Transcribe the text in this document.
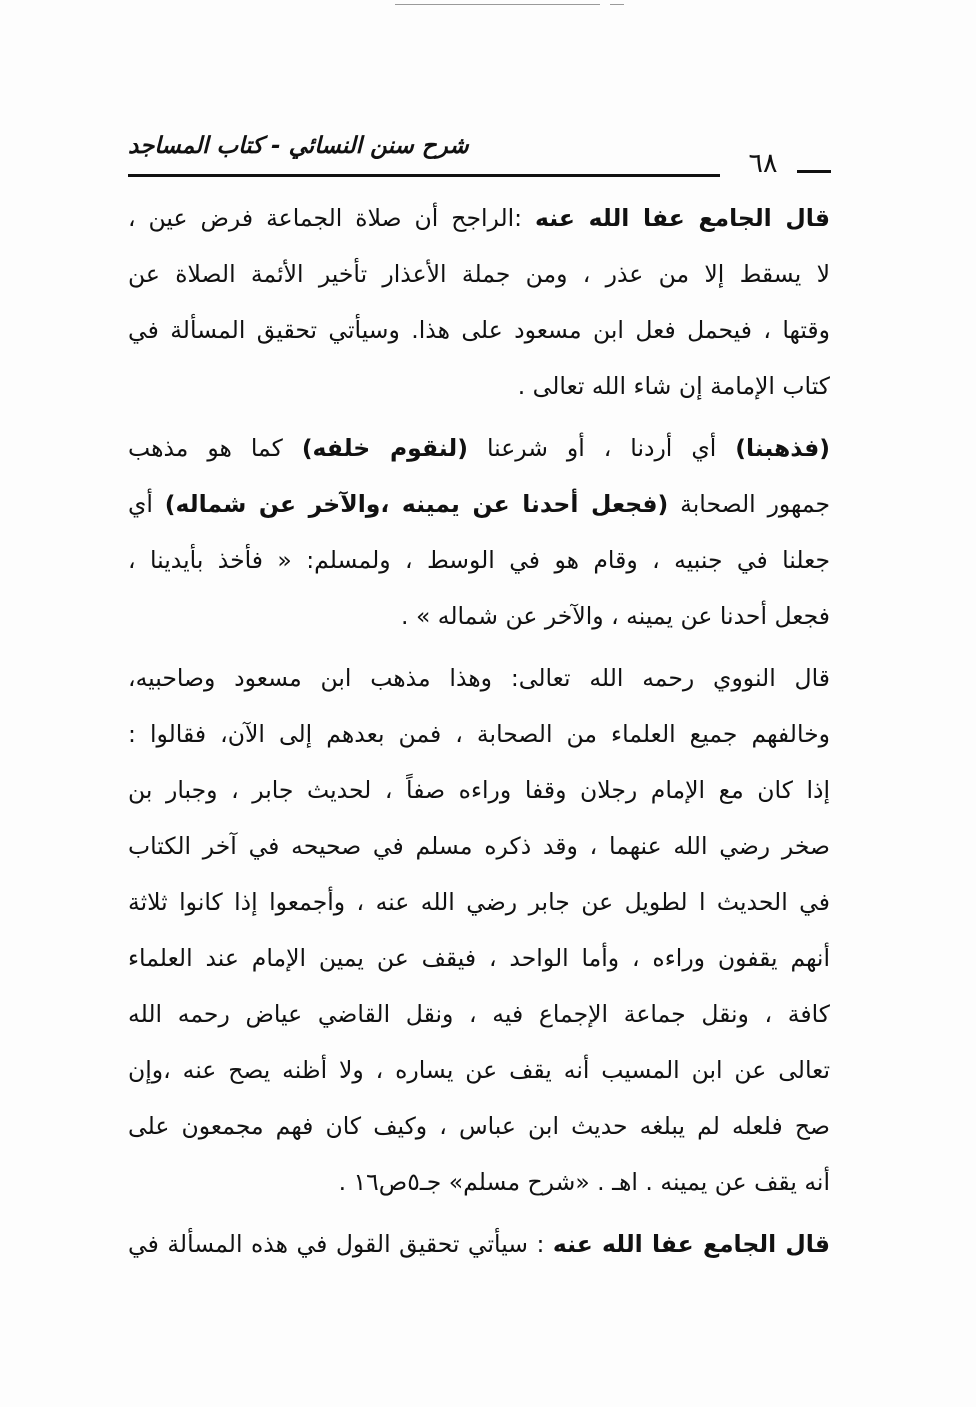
شرح سنن النسائي - كتاب المساجد
٦٨
قال الجامع عفا الله عنه :الراجح أن صلاة الجماعة فرض عين ،
لا يسقط إلا من عذر ، ومن جملة الأعذار تأخير الأئمة الصلاة عن
وقتها ، فيحمل فعل ابن مسعود على هذا. وسيأتي تحقيق المسألة في
كتاب الإمامة إن شاء الله تعالى .
(فذهبنا) أي أردنا ، أو شرعنا (لنقوم خلفه) كما هو مذهب
جمهور الصحابة (فجعل أحدنا عن يمينه ،والآخر عن شماله) أي
جعلنا في جنبيه ، وقام هو في الوسط ، ولمسلم: « فأخذ بأيدينا ،
فجعل أحدنا عن يمينه ، والآخر عن شماله » .
قال النووي رحمه الله تعالى: وهذا مذهب ابن مسعود وصاحبيه،
وخالفهم جميع العلماء من الصحابة ، فمن بعدهم إلى الآن، فقالوا :
إذا كان مع الإمام رجلان وقفا وراءه صفاً ، لحديث جابر ، وجبار بن
صخر رضي الله عنهما ، وقد ذكره مسلم في صحيحه في آخر الكتاب
في الحديث ا لطويل عن جابر رضي الله عنه ، وأجمعوا إذا كانوا ثلاثة
أنهم يقفون وراءه ، وأما الواحد ، فيقف عن يمين الإمام عند العلماء
كافة ، ونقل جماعة الإجماع فيه ، ونقل القاضي عياض رحمه الله
تعالى عن ابن المسيب أنه يقف عن يساره ، ولا أظنه يصح عنه ،وإن
صح فلعله لم يبلغه حديث ابن عباس ، وكيف كان فهم مجمعون على
أنه يقف عن يمينه . اهـ . «شرح مسلم» جـ٥ص١٦ .
قال الجامع عفا الله عنه : سيأتي تحقيق القول في هذه المسألة في
